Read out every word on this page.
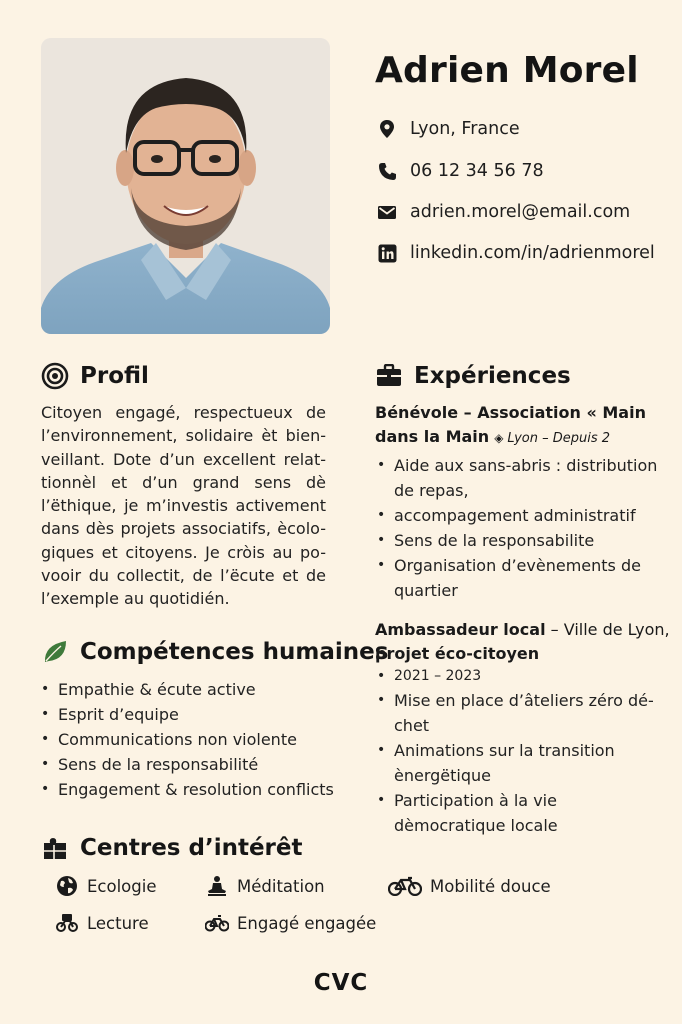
Adrien Morel
Lyon, France
06 12 34 56 78
adrien.morel@email.com
linkedin.com/in/adrienmorel
Profil
Citoyen engagé, respectueux de l’environnement, solidaire èt bien-veillant. Dote d’un excellent relat-tionnèl et d’un grand sens dè l’ëthique, je m’investis activement dans dès projets associatifs, ècolo-giques et citoyens. Je cròis au po-vooir du collectit, de l’ëcute et de l’exemple au quotidién.
Compétences humaines
• Empathie & écute active
• Esprit d’equipe
• Communications non violente
• Sens de la responsabilité
• Engagement & resolution conflicts
Centres d’intérêt
Ecologie	Méditation	Mobilité douce
Lecture	Engagé engagée
Expériences
Bénévole – Association « Main dans la Main ◈ Lyon – Depuis 2
• Aide aux sans-abris : distribution de repas,
• accompagement administratif
• Sens de la responsabilite
• Organisation d’evènements de quartier
Ambassadeur local – Ville de Lyon,
projet éco-citoyen
• 2021 – 2023
• Mise en place d’âteliers zéro dé-chet
• Animations sur la transition ènergëtique
• Participation à la vie dèmocratique locale
CVC
